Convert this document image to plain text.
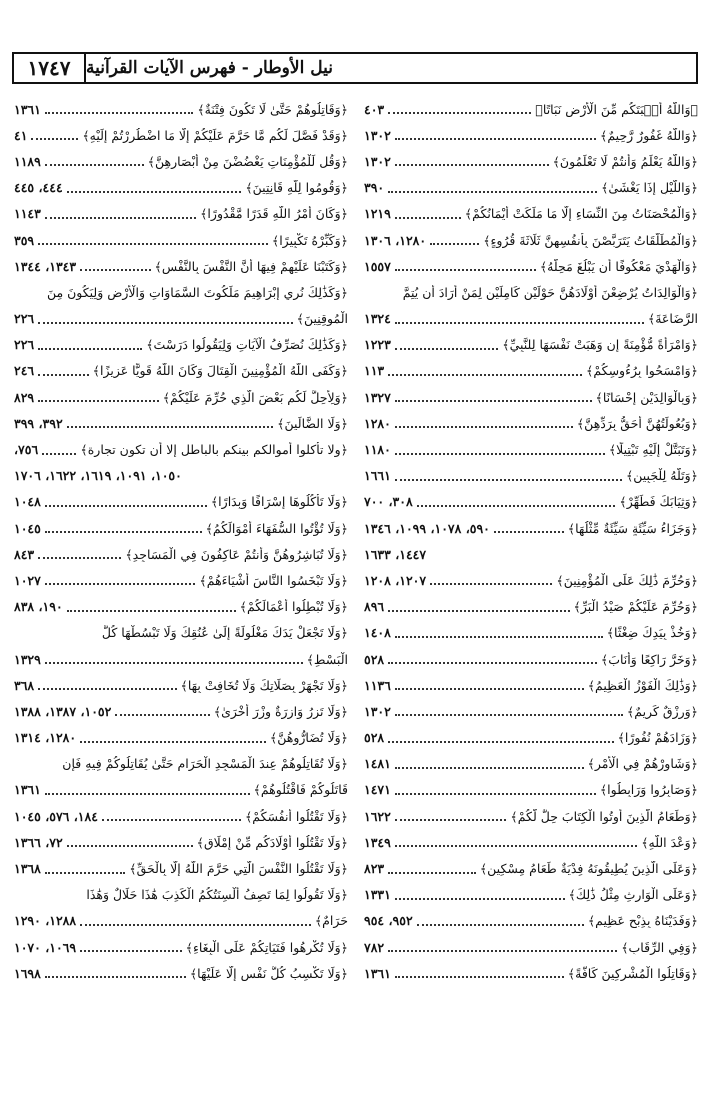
١٧٤٧ نيل الأوطار - فهرس الآيات القرآنية
﴿وَاللَّهُ أَنۢبَتَكُم مِّنَ الْأَرْضِ نَبَاتًا﴾
٤٠٣
﴿وَاللَّهُ غَفُورٌ رَّحِيمٌ﴾
١٣٠٢
﴿وَاللَّهُ يَعْلَمُ وَأَنتُمْ لَا تَعْلَمُونَ﴾
١٣٠٢
﴿وَاللَّيْلِ إِذَا يَغْشَىٰ﴾
٣٩٠
﴿وَالْمُحْصَنَاتُ مِنَ النِّسَاءِ إِلَّا مَا مَلَكَتْ أَيْمَانُكُمْ﴾
١٢١٩
﴿وَالْمُطَلَّقَاتُ يَتَرَبَّصْنَ بِأَنفُسِهِنَّ ثَلَاثَةَ قُرُوءٍ﴾
١٢٨٠، ١٣٠٦
﴿وَالْهَدْيَ مَعْكُوفًا أَن يَبْلُغَ مَحِلَّهُ﴾
١٥٥٧
﴿وَالْوَالِدَاتُ يُرْضِعْنَ أَوْلَادَهُنَّ حَوْلَيْنِ كَامِلَيْنِ لِمَنْ أَرَادَ أَن يُتِمَّ
الرَّضَاعَةَ﴾
١٣٢٤
﴿وَامْرَأَةً مُّؤْمِنَةً إِن وَهَبَتْ نَفْسَهَا لِلنَّبِيِّ﴾
١٢٢٣
﴿وَامْسَحُوا بِرُءُوسِكُمْ﴾
١١٣
﴿وَبِالْوَالِدَيْنِ إِحْسَانًا﴾
١٣٢٧
﴿وَبُعُولَتُهُنَّ أَحَقُّ بِرَدِّهِنَّ﴾
١٢٨٠
﴿وَتَبَتَّلْ إِلَيْهِ تَبْتِيلًا﴾
١١٨٠
﴿وَتَلَّهُ لِلْجَبِينِ﴾
١٦٦١
﴿وَثِيَابَكَ فَطَهِّرْ﴾
٣٠٨، ٧٠٠
﴿وَجَزَاءُ سَيِّئَةٍ سَيِّئَةٌ مِّثْلُهَا﴾
٥٩٠، ١٠٧٨، ١٠٩٩، ١٣٤٦
١٤٤٧، ١٦٣٣
﴿وَحُرِّمَ ذَٰلِكَ عَلَى الْمُؤْمِنِينَ﴾
١٢٠٧، ١٢٠٨
﴿وَحُرِّمَ عَلَيْكُمْ صَيْدُ الْبَرِّ﴾
٨٩٦
﴿وَخُذْ بِيَدِكَ ضِغْثًا﴾
١٤٠٨
﴿وَخَرَّ رَاكِعًا وَأَنَابَ﴾
٥٢٨
﴿وَذَٰلِكَ الْفَوْزُ الْعَظِيمُ﴾
١١٣٦
﴿وَرِزْقٌ كَرِيمٌ﴾
١٣٠٢
﴿وَزَادَهُمْ نُفُورًا﴾
٥٢٨
﴿وَشَاوِرْهُمْ فِي الْأَمْرِ﴾
١٤٨١
﴿وَصَابِرُوا وَرَابِطُوا﴾
١٤٧١
﴿وَطَعَامُ الَّذِينَ أُوتُوا الْكِتَابَ حِلٌّ لَّكُمْ﴾
١٦٢٢
﴿وَعْدَ اللَّهِ﴾
١٣٤٩
﴿وَعَلَى الَّذِينَ يُطِيقُونَهُ فِدْيَةٌ طَعَامُ مِسْكِينٍ﴾
٨٢٣
﴿وَعَلَى الْوَارِثِ مِثْلُ ذَٰلِكَ﴾
١٣٣١
﴿وَفَدَيْنَاهُ بِذِبْحٍ عَظِيمٍ﴾
٩٥٢، ٩٥٤
﴿وَفِي الرِّقَابِ﴾
٧٨٢
﴿وَقَاتِلُوا الْمُشْرِكِينَ كَافَّةً﴾
١٣٦١
﴿وَقَاتِلُوهُمْ حَتَّىٰ لَا تَكُونَ فِتْنَةٌ﴾
١٣٦١
﴿وَقَدْ فَصَّلَ لَكُم مَّا حَرَّمَ عَلَيْكُمْ إِلَّا مَا اضْطُرِرْتُمْ إِلَيْهِ﴾
٤١
﴿وَقُل لِّلْمُؤْمِنَاتِ يَغْضُضْنَ مِنْ أَبْصَارِهِنَّ﴾
١١٨٩
﴿وَقُومُوا لِلَّهِ قَانِتِينَ﴾
٤٤٤، ٤٤٥
﴿وَكَانَ أَمْرُ اللَّهِ قَدَرًا مَّقْدُورًا﴾
١١٤٣
﴿وَكَبِّرْهُ تَكْبِيرًا﴾
٣٥٩
﴿وَكَتَبْنَا عَلَيْهِمْ فِيهَا أَنَّ النَّفْسَ بِالنَّفْسِ﴾
١٣٤٣، ١٣٤٤
﴿وَكَذَٰلِكَ نُرِي إِبْرَاهِيمَ مَلَكُوتَ السَّمَاوَاتِ وَالْأَرْضِ وَلِيَكُونَ مِنَ
الْمُوقِنِينَ﴾
٢٢٦
﴿وَكَذَٰلِكَ نُصَرِّفُ الْآيَاتِ وَلِيَقُولُوا دَرَسْتَ﴾
٢٢٦
﴿وَكَفَى اللَّهُ الْمُؤْمِنِينَ الْقِتَالَ وَكَانَ اللَّهُ قَوِيًّا عَزِيزًا﴾
٢٤٦
﴿وَلِأُحِلَّ لَكُم بَعْضَ الَّذِي حُرِّمَ عَلَيْكُمْ﴾
٨٢٩
﴿وَلَا الضَّالِّينَ﴾
٣٩٢، ٣٩٩
﴿ولا تأكلوا أموالكم بينكم بالباطل إلا أن تكون تجارة﴾
٧٥٦،
١٠٥٠، ١٠٩١، ١٦١٩، ١٦٢٢، ١٧٠٦
﴿وَلَا تَأْكُلُوهَا إِسْرَافًا وَبِدَارًا﴾
١٠٤٨
﴿وَلَا تُؤْتُوا السُّفَهَاءَ أَمْوَالَكُمُ﴾
١٠٤٥
﴿وَلَا تُبَاشِرُوهُنَّ وَأَنتُمْ عَاكِفُونَ فِي الْمَسَاجِدِ﴾
٨٤٣
﴿وَلَا تَبْخَسُوا النَّاسَ أَشْيَاءَهُمْ﴾
١٠٢٧
﴿وَلَا تُبْطِلُوا أَعْمَالَكُمْ﴾
١٩٠، ٨٣٨
﴿وَلَا تَجْعَلْ يَدَكَ مَغْلُولَةً إِلَىٰ عُنُقِكَ وَلَا تَبْسُطْهَا كُلَّ
الْبَسْطِ﴾
١٣٢٩
﴿وَلَا تَجْهَرْ بِصَلَاتِكَ وَلَا تُخَافِتْ بِهَا﴾
٣٦٨
﴿وَلَا تَزِرُ وَازِرَةٌ وِزْرَ أُخْرَىٰ﴾
١٠٥٢، ١٣٨٧، ١٣٨٨
﴿وَلَا تُضَارُّوهُنَّ﴾
١٢٨٠، ١٣١٤
﴿وَلَا تُقَاتِلُوهُمْ عِندَ الْمَسْجِدِ الْحَرَامِ حَتَّىٰ يُقَاتِلُوكُمْ فِيهِ فَإِن
قَاتَلُوكُمْ فَاقْتُلُوهُمْ﴾
١٣٦١
﴿وَلَا تَقْتُلُوا أَنفُسَكُمْ﴾
١٨٤، ٥٧٦، ١٠٤٥
﴿وَلَا تَقْتُلُوا أَوْلَادَكُم مِّنْ إِمْلَاقٍ﴾
٧٢، ١٣٦٦
﴿وَلَا تَقْتُلُوا النَّفْسَ الَّتِي حَرَّمَ اللَّهُ إِلَّا بِالْحَقِّ﴾
١٣٦٨
﴿وَلَا تَقُولُوا لِمَا تَصِفُ أَلْسِنَتُكُمُ الْكَذِبَ هَٰذَا حَلَالٌ وَهَٰذَا
حَرَامٌ﴾
١٢٨٨، ١٢٩٠
﴿وَلَا تُكْرِهُوا فَتَيَاتِكُمْ عَلَى الْبِغَاءِ﴾
١٠٦٩، ١٠٧٠
﴿وَلَا تَكْسِبُ كُلُّ نَفْسٍ إِلَّا عَلَيْهَا﴾
١٦٩٨
